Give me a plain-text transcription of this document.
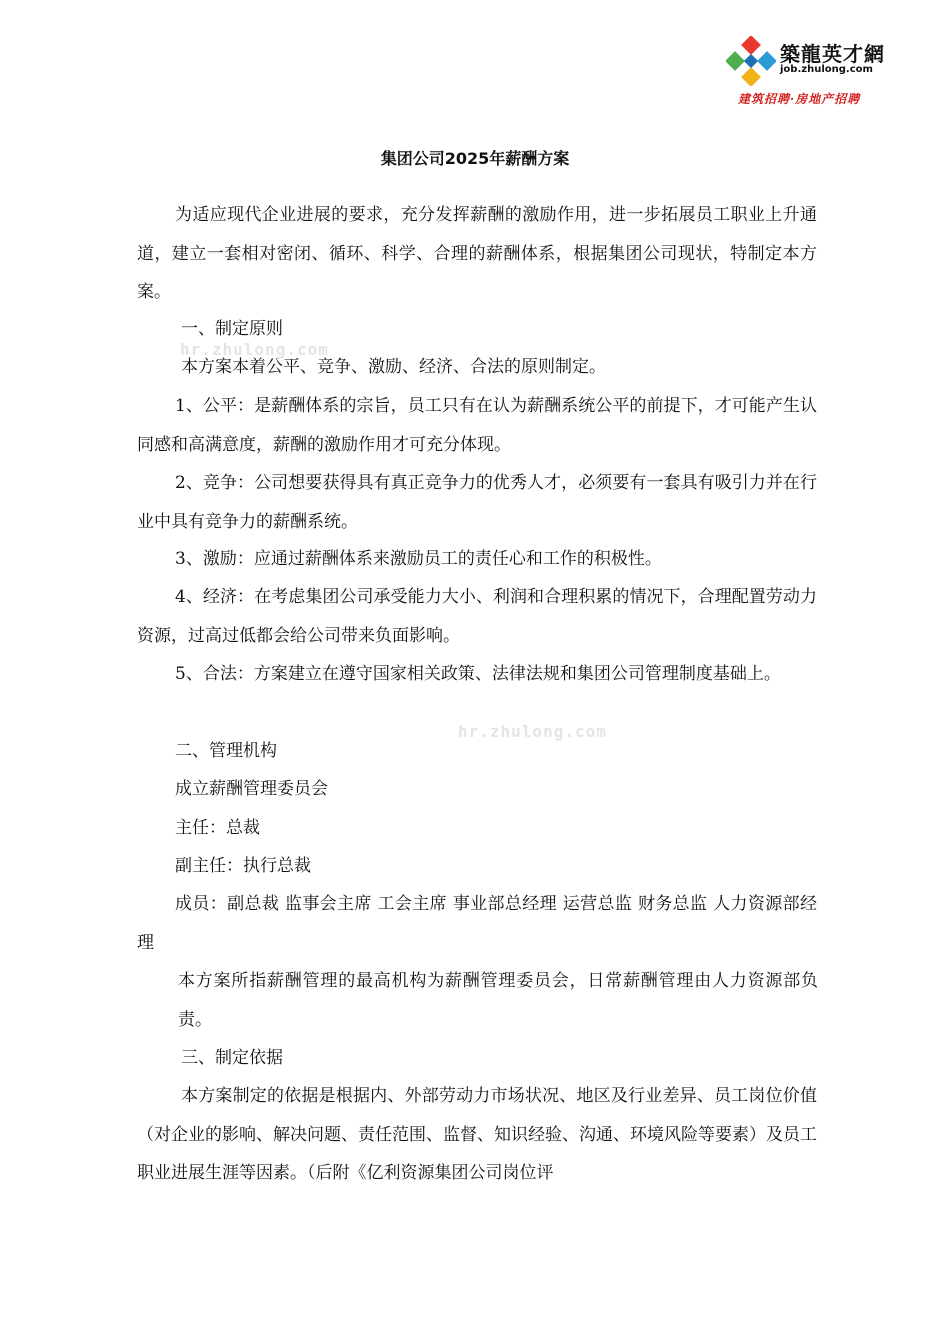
築龍英才網
job.zhulong.com
建筑招聘·房地产招聘
hr.zhulong.com
hr.zhulong.com
集团公司2025年薪酬方案

为适应现代企业进展的要求，充分发挥薪酬的激励作用，进一步拓展员工职业上升通道，建立一套相对密闭、循环、科学、合理的薪酬体系，根据集团公司现状，特制定本方案。

一、制定原则

本方案本着公平、竞争、激励、经济、合法的原则制定。

1、公平：是薪酬体系的宗旨，员工只有在认为薪酬系统公平的前提下，才可能产生认同感和高满意度，薪酬的激励作用才可充分体现。

2、竞争：公司想要获得具有真正竞争力的优秀人才，必须要有一套具有吸引力并在行业中具有竞争力的薪酬系统。

3、激励：应通过薪酬体系来激励员工的责任心和工作的积极性。

4、经济：在考虑集团公司承受能力大小、利润和合理积累的情况下，合理配置劳动力资源，过高过低都会给公司带来负面影响。

5、合法：方案建立在遵守国家相关政策、法律法规和集团公司管理制度基础上。

二、管理机构

成立薪酬管理委员会

主任：总裁

副主任：执行总裁

成员：副总裁 监事会主席 工会主席 事业部总经理 运营总监 财务总监 人力资源部经理

本方案所指薪酬管理的最高机构为薪酬管理委员会，日常薪酬管理由人力资源部负责。

三、制定依据

本方案制定的依据是根据内、外部劳动力市场状况、地区及行业差异、员工岗位价值（对企业的影响、解决问题、责任范围、监督、知识经验、沟通、环境风险等要素）及员工职业进展生涯等因素。（后附《亿利资源集团公司岗位评
